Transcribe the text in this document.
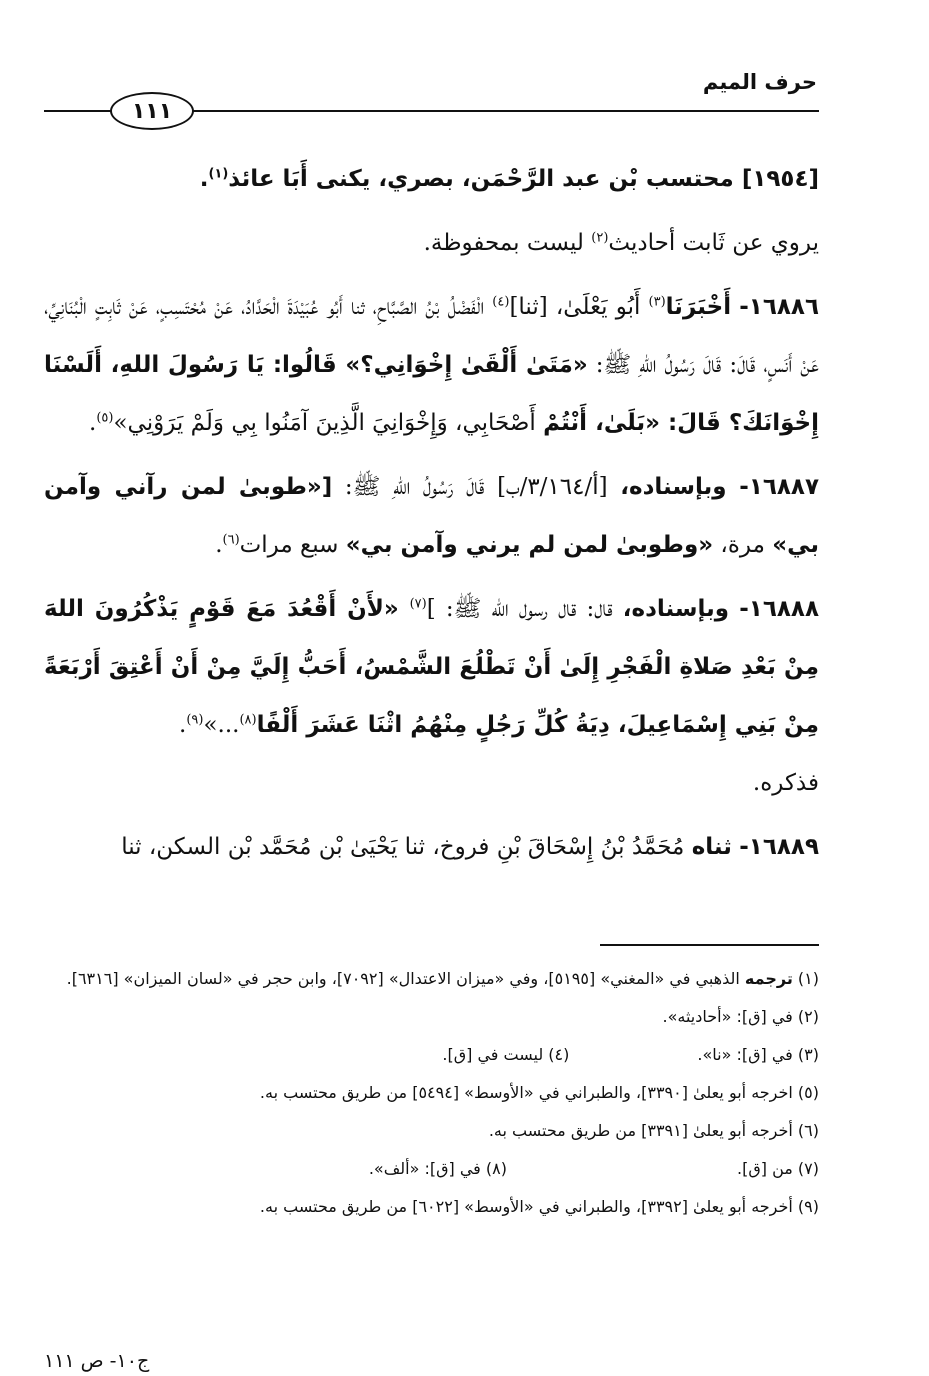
حرف الميم
١١١

[١٩٥٤] محتسب بْن عبد الرَّحْمَن، بصري، يكنى أَبَا عائذ$^{(١)}$.

يروي عن ثَابت أحاديث$^{(٢)}$ ليست بمحفوظة.

١٦٨٨٦- أَخْبَرَنَا$^{(٣)}$ أَبُو يَعْلَىٰ، [ثنا]$^{(٤)}$ الْفَضْلُ بْنُ الصَّبَّاحِ، ثنا أَبُو عُبَيْدَةَ الْحَدَّادُ، عَنْ مُحْتَسِبٍ، عَنْ ثَابِتٍ الْبُنَانِيِّ، عَنْ أَنَسٍ، قَالَ: قَالَ رَسُولُ اللهِ ﷺ: «مَتَىٰ أَلْقَىٰ إِخْوَانِي؟» قَالُوا: يَا رَسُولَ اللهِ، أَلَسْنَا إِخْوَانَكَ؟ قَالَ: «بَلَىٰ، أَنْتُمْ أَصْحَابِي، وَإِخْوَانِيَ الَّذِينَ آمَنُوا بِي وَلَمْ يَرَوْنِي»$^{(٥)}$.

١٦٨٨٧- وبإسناده، [أ/٣/١٦٤/ب] قَالَ رَسُولُ اللهِ ﷺ: [«طوبىٰ لمن رآني وآمن بي» مرة، «وطوبىٰ لمن لم يرني وآمن بي» سبع مرات$^{(٦)}$.

١٦٨٨٨- وبإسناده، قال: قال رسول الله ﷺ: ]$^{(٧)}$ «لأَنْ أَقْعُدَ مَعَ قَوْمٍ يَذْكُرُونَ اللهَ مِنْ بَعْدِ صَلاةِ الْفَجْرِ إِلَىٰ أَنْ تَطْلُعَ الشَّمْسُ، أَحَبُّ إِلَيَّ مِنْ أَنْ أَعْتِقَ أَرْبَعَةً مِنْ بَنِي إِسْمَاعِيلَ، دِيَةُ كُلِّ رَجُلٍ مِنْهُمُ اثْنَا عَشَرَ أَلْفًا$^{(٨)}$...»$^{(٩)}$.
فذكره.

١٦٨٨٩- ثناه مُحَمَّدُ بْنُ إِسْحَاقَ بْنِ فروخ، ثنا يَحْيَىٰ بْن مُحَمَّد بْن السكن، ثنا

(١) ترجمه الذهبي في «المغني» [٥١٩٥]، وفي «ميزان الاعتدال» [٧٠٩٢]، وابن حجر في «لسان الميزان» [٦٣١٦].

(٢) في [ق]: «أحاديثه».

(٣) في [ق]: «نا».

(٤) ليست في [ق].

(٥) اخرجه أبو يعلىٰ [٣٣٩٠]، والطبراني في «الأوسط» [٥٤٩٤] من طريق محتسب به.

(٦) أخرجه أبو يعلىٰ [٣٣٩١] من طريق محتسب به.

(٧) من [ق].

(٨) في [ق]: «ألف».

(٩) أخرجه أبو يعلىٰ [٣٣٩٢]، والطبراني في «الأوسط» [٦٠٢٢] من طريق محتسب به.

ج١٠- ص ١١١
